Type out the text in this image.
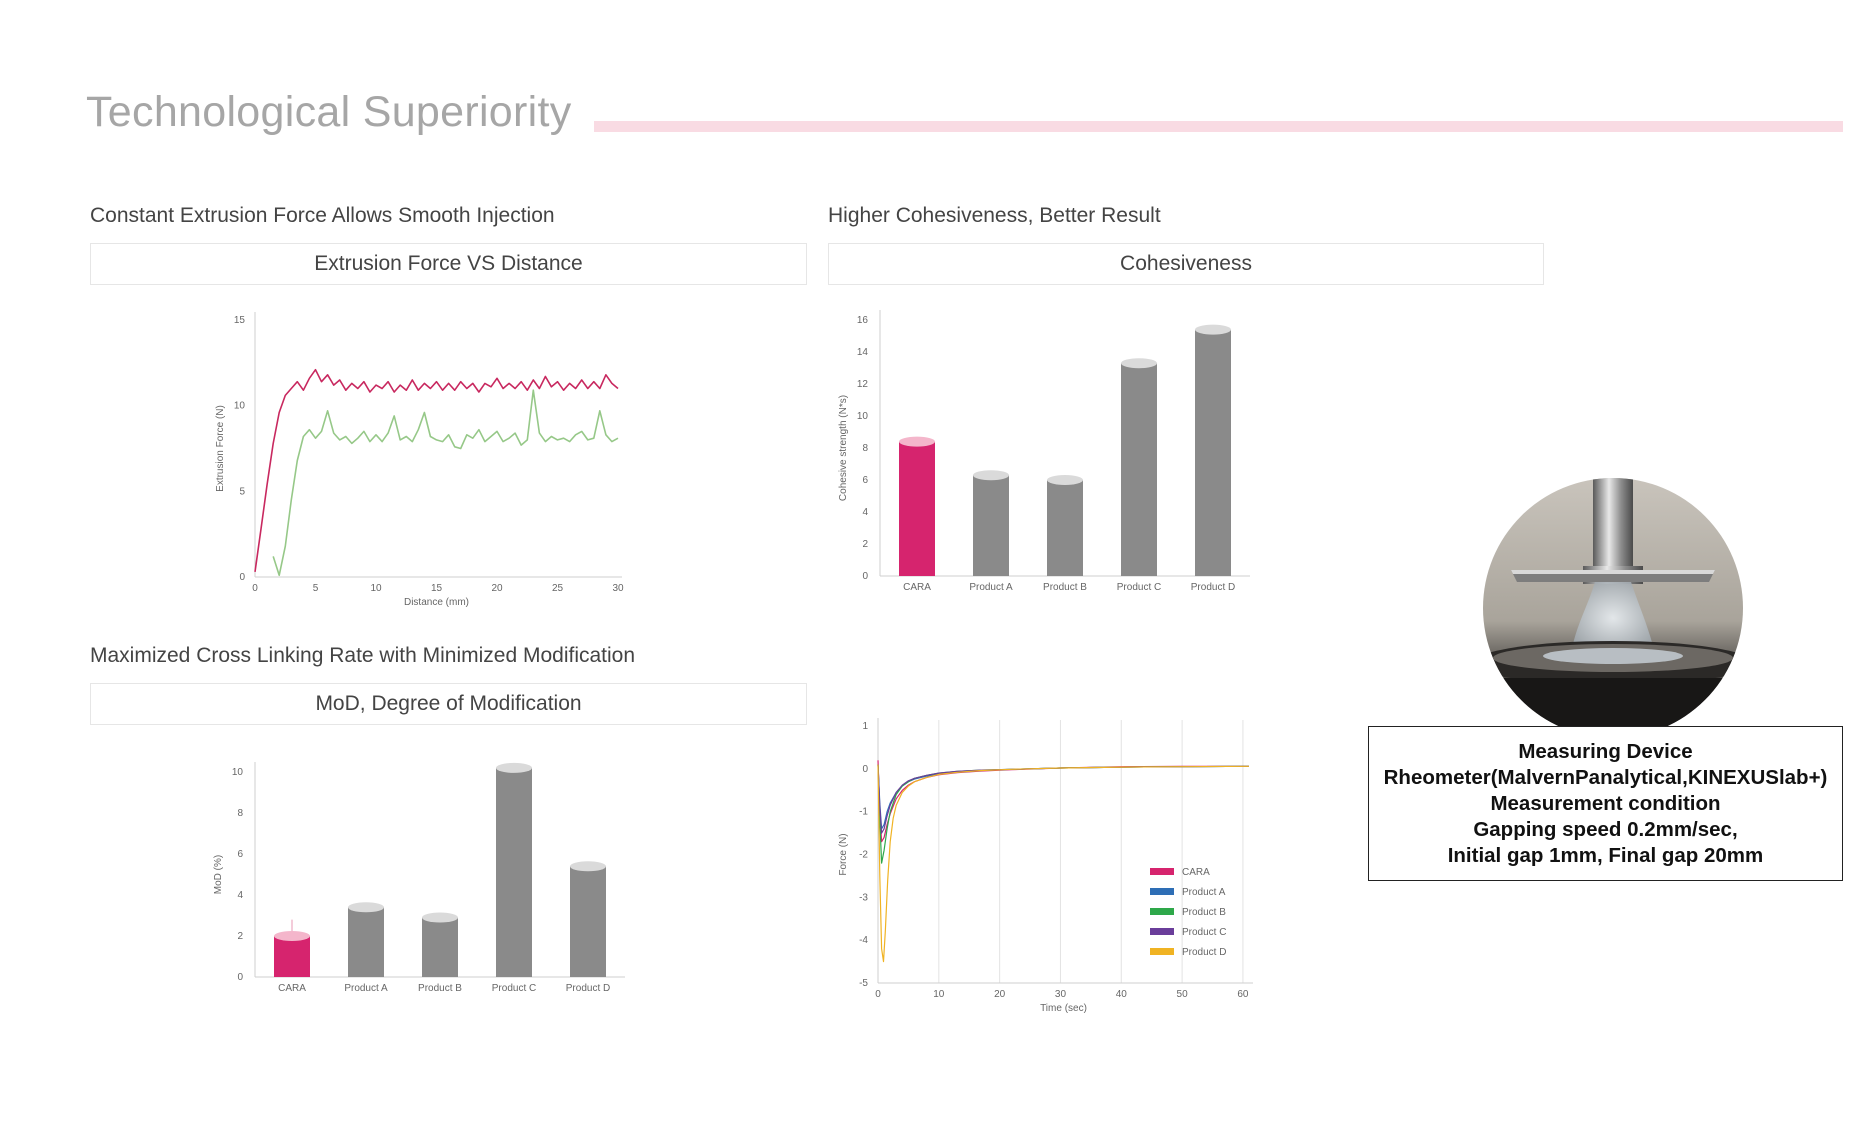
Technological Superiority
Constant Extrusion Force Allows Smooth Injection
Extrusion Force VS Distance
Higher Cohesiveness, Better Result
Cohesiveness
Maximized Cross Linking Rate with Minimized Modification
MoD, Degree of Modification
0
5
10
15
0	5	10	15	20	25	30
Distance (mm)
Extrusion Force (N)
0
2
4
6
8
10
12
14
16
Cohesive strength (N*s)
CARA	Product A	Product B	Product C	Product D
0
2
4
6
8
10
MoD (%)
CARA	Product A	Product B	Product C	Product D	-5
-4
-3
-2
-1
0
1
0	10	20	30	40	50	60
Time (sec)
Force (N)	CARA
Product A
Product B
Product C
Product D
Measuring Device
Rheometer(MalvernPanalytical,KINEXUSlab+)
Measurement condition
Gapping speed 0.2mm/sec,
Initial gap 1mm, Final gap 20mm
